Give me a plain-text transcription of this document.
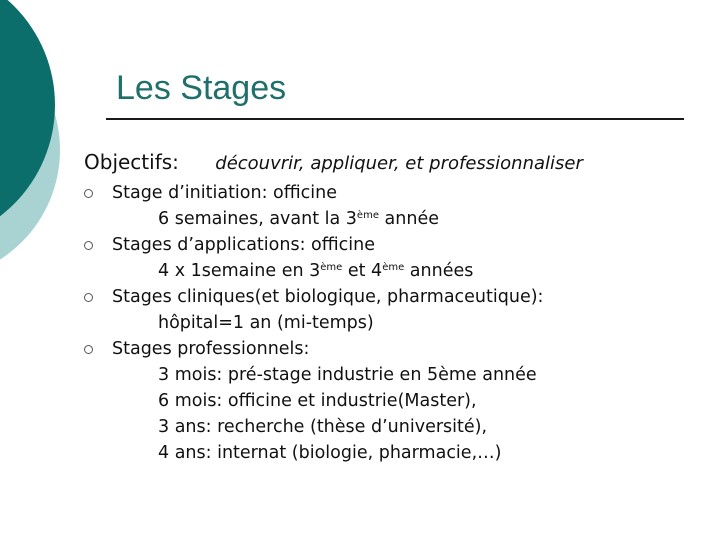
Les Stages
Objectifs: découvrir, appliquer, et professionnaliser
Stage d’initiation: officine
6 semaines, avant la 3ème année
Stages d’applications: officine
4 x 1semaine en 3ème et 4ème années
Stages cliniques(et biologique, pharmaceutique):
hôpital=1 an (mi-temps)
Stages professionnels:
3 mois: pré-stage industrie en 5ème année
6 mois: officine et industrie(Master),
3 ans: recherche (thèse d’université),
4 ans: internat (biologie, pharmacie,…)
